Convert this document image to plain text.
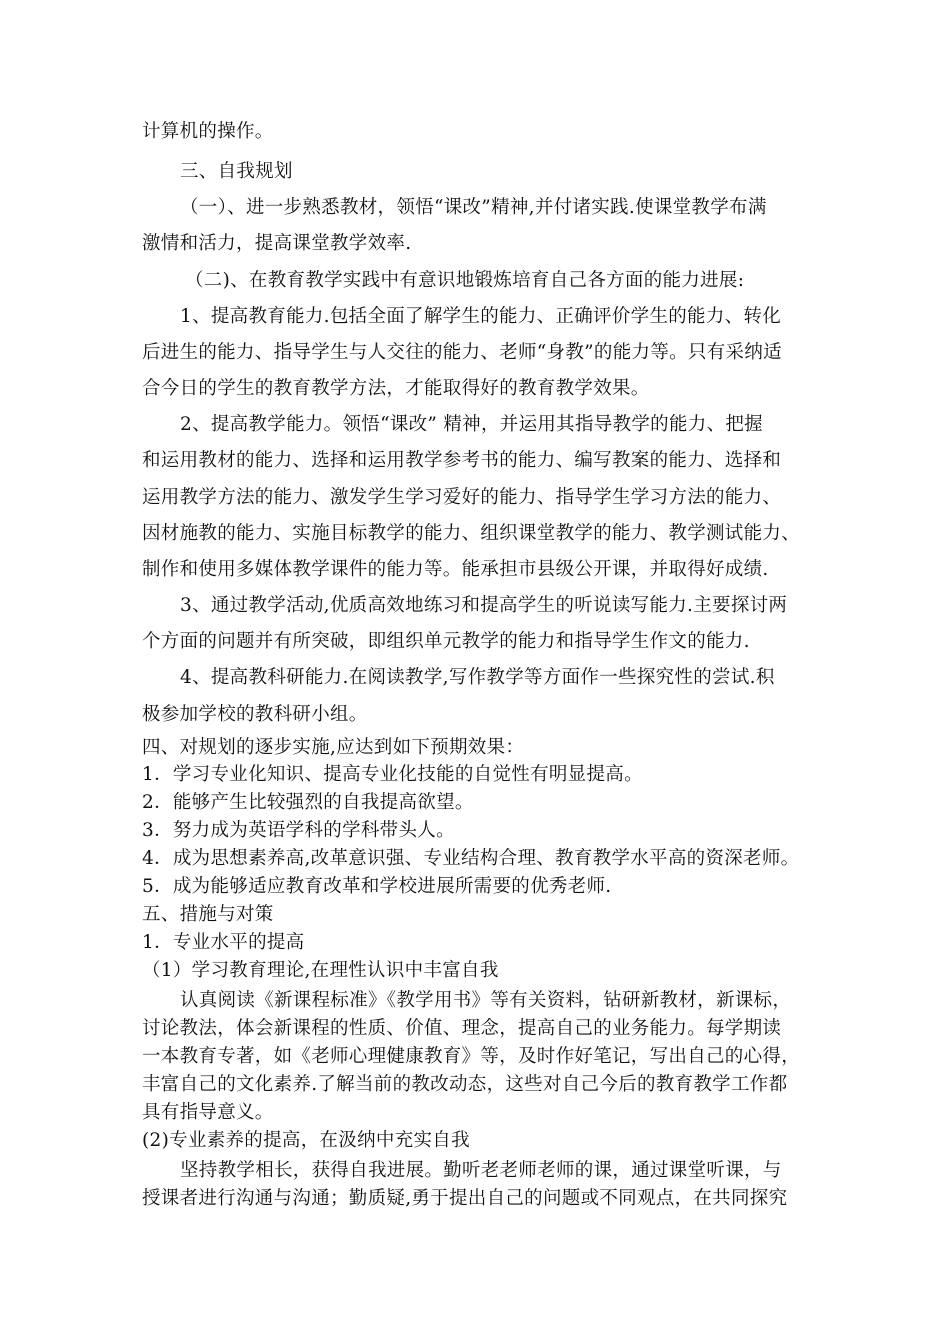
计算机的操作。
三、自我规划
（一）、进一步熟悉教材，领悟“课改”精神,并付诸实践.使课堂教学布满
激情和活力，提高课堂教学效率.
（二)、在教育教学实践中有意识地锻炼培育自己各方面的能力进展:
1、提高教育能力.包括全面了解学生的能力、正确评价学生的能力、转化
后进生的能力、指导学生与人交往的能力、老师“身教”的能力等。只有采纳适
合今日的学生的教育教学方法，才能取得好的教育教学效果。
2、提高教学能力。领悟“课改” 精神，并运用其指导教学的能力、把握
和运用教材的能力、选择和运用教学参考书的能力、编写教案的能力、选择和
运用教学方法的能力、激发学生学习爱好的能力、指导学生学习方法的能力、
因材施教的能力、实施目标教学的能力、组织课堂教学的能力、教学测试能力、
制作和使用多媒体教学课件的能力等。能承担市县级公开课，并取得好成绩.
3、通过教学活动,优质高效地练习和提高学生的听说读写能力.主要探讨两
个方面的问题并有所突破，即组织单元教学的能力和指导学生作文的能力.
4、提高教科研能力.在阅读教学,写作教学等方面作一些探究性的尝试.积
极参加学校的教科研小组。
四、对规划的逐步实施,应达到如下预期效果：
1．学习专业化知识、提高专业化技能的自觉性有明显提高。
2．能够产生比较强烈的自我提高欲望。
3．努力成为英语学科的学科带头人。
4．成为思想素养高,改革意识强、专业结构合理、教育教学水平高的资深老师。
5．成为能够适应教育改革和学校进展所需要的优秀老师.
五、措施与对策
1．专业水平的提高
（1）学习教育理论,在理性认识中丰富自我
认真阅读《新课程标准》《教学用书》等有关资料，钻研新教材，新课标，
讨论教法，体会新课程的性质、价值、理念，提高自己的业务能力。每学期读
一本教育专著，如《老师心理健康教育》等，及时作好笔记，写出自己的心得，
丰富自己的文化素养.了解当前的教改动态，这些对自己今后的教育教学工作都
具有指导意义。
(2)专业素养的提高，在汲纳中充实自我
坚持教学相长，获得自我进展。勤听老老师老师的课，通过课堂听课，与
授课者进行沟通与沟通；勤质疑,勇于提出自己的问题或不同观点，在共同探究
